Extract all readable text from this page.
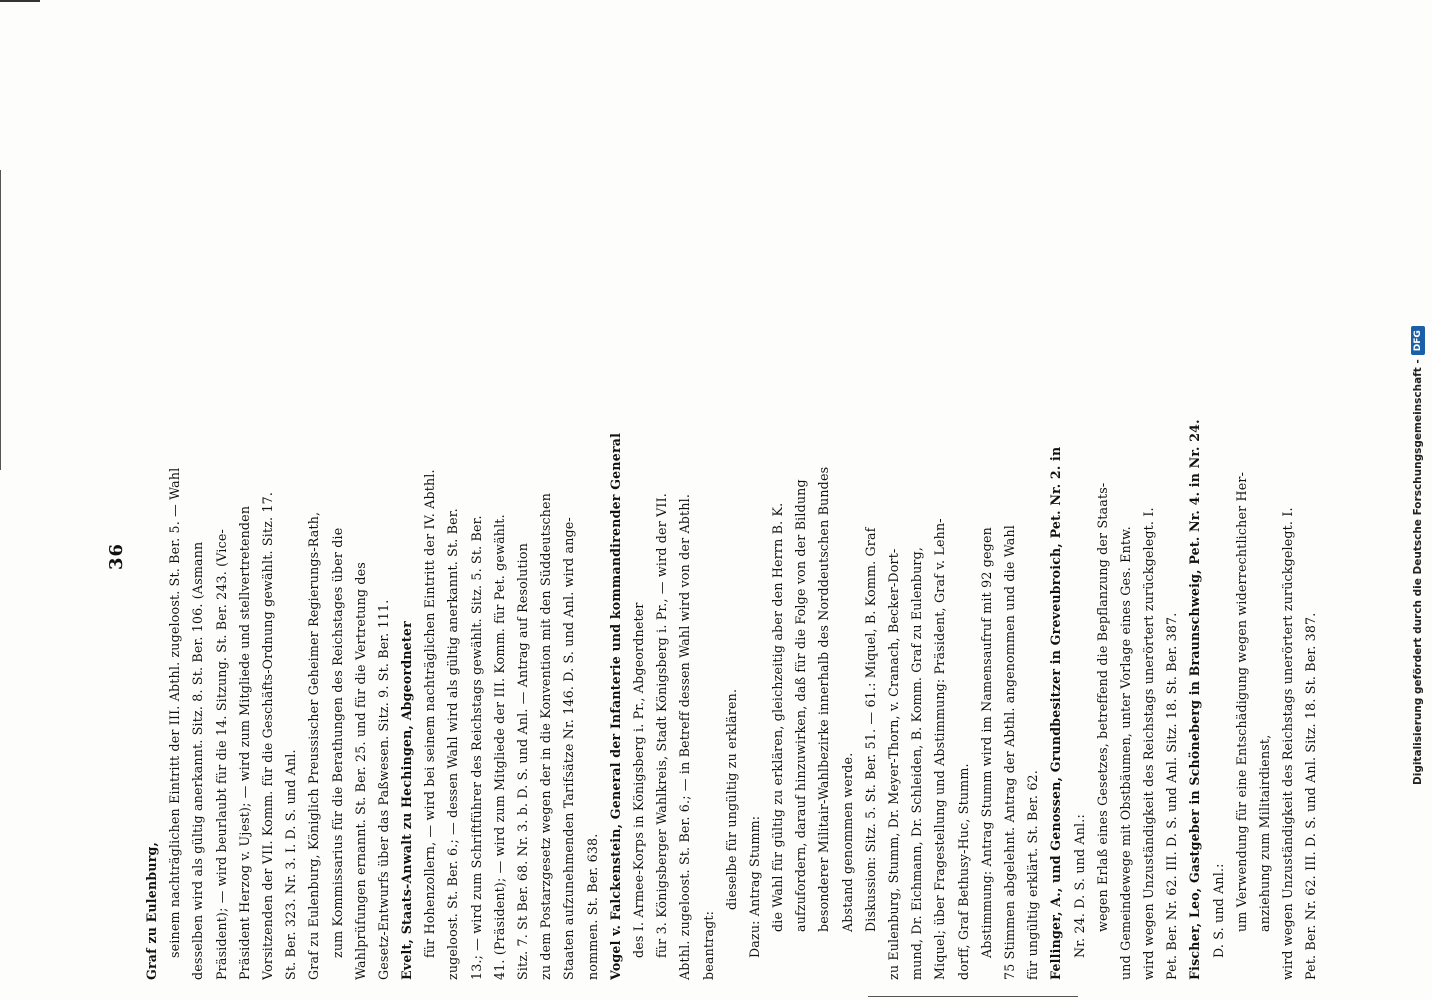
36
Graf zu Eulenburg, seinem nachträglichen Eintritt der III. Abthl. zugeloost. St. Ber. 5. — Wahl desselben wird als gültig anerkannt. Sitz. 8. St. Ber. 106. (Asmann Präsident); — wird beurlaubt für die 14. Sitzung. St. Ber. 243. (Vice- Präsident Herzog v. Ujest); — wird zum Mitgliede und stellvertretenden Vorsitzenden der VII. Komm. für die Geschäfts-Ordnung gewählt. Sitz. 17. St. Ber. 323. Nr. 3. I. D. S. und Anl. Graf zu Eulenburg, Königlich Preussischer Geheimer Regierungs-Rath, zum Kommissarius für die Berathungen des Reichstages über die Wahlprüfungen ernannt. St. Ber. 25. und für die Vertretung des Gesetz-Entwurfs über das Paßwesen. Sitz. 9. St. Ber. 111. Evelt, Staats-Anwalt zu Hechingen, Abgeordneter für Hohenzollern, — wird bei seinem nachträglichen Eintritt der IV. Abthl. zugeloost. St. Ber. 6.; — dessen Wahl wird als gültig anerkannt. St. Ber. 13.; — wird zum Schriftführer des Reichstags gewählt. Sitz. 5. St. Ber. 41. (Präsident); — wird zum Mitgliede der III. Komm. für Pet. gewählt. Sitz. 7. St Ber. 68. Nr. 3. b. D. S. und Anl. — Antrag auf Resolution zu dem Postarzgesetz wegen der in die Konvention mit den Süddeutschen Staaten aufzunehmenden Tarifsätze Nr. 146. D. S. und Anl. wird ange- nommen. St. Ber. 638. Vogel v. Falckenstein, General der Infanterie und kommandirender General des I. Armee-Korps in Königsberg i. Pr., Abgeordneter für 3. Königsberger Wahlkreis, Stadt Königsberg i. Pr., — wird der VII. Abthl. zugeloost. St. Ber. 6.; — in Betreff dessen Wahl wird von der Abthl. beantragt:
dieselbe für ungültig zu erklären. Dazu: Antrag Stumm: die Wahl für gültig zu erklären, gleichzeitig aber den Herrn B. K. aufzufordern, darauf hinzuwirken, daß für die Folge von der Bildung besonderer Militair-Wahlbezirke innerhalb des Norddeutschen Bundes Abstand genommen werde. Diskussion: Sitz. 5. St. Ber. 51. — 61.: Miquel, B. Komm. Graf zu Eulenburg, Stumm, Dr. Meyer-Thorn, v. Cranach, Becker-Dort- mund, Dr. Eichmann, Dr. Schleiden, B. Komm. Graf zu Eulenburg, Miquel; über Fragestellung und Abstimmung: Präsident, Graf v. Lehn- dorff, Graf Bethusy-Huc, Stumm. Abstimmung: Antrag Stumm wird im Namensaufruf mit 92 gegen 75 Stimmen abgelehnt. Antrag der Abthl. angenommen und die Wahl für ungültig erklärt. St. Ber. 62. Fellinger, A., und Genossen, Grundbesitzer in Greveubroich, Pet. Nr. 2. in Nr. 24. D. S. und Anl.: wegen Erlaß eines Gesetzes, betreffend die Bepflanzung der Staats- und Gemeindewege mit Obstbäumen, unter Vorlage eines Ges. Entw. wird wegen Unzuständigkeit des Reichstags unerörtert zurückgelegt. I. Pet. Ber. Nr. 62. III. D. S. und Anl. Sitz. 18. St. Ber. 387. Fischer, Leo, Gastgeber in Schöneberg in Braunschweig, Pet. Nr. 4. in Nr. 24. D. S. und Anl.: um Verwendung für eine Entschädigung wegen widerrechtlicher Her- anziehung zum Militairdienst, wird wegen Unzuständigkeit des Reichstags unerörtert zurückgelegt. I. Pet. Ber. Nr. 62. III. D. S. und Anl. Sitz. 18. St. Ber. 387.
Digitalisierung gefördert durch die Deutsche Forschungsgemeinschaft -
DFG
